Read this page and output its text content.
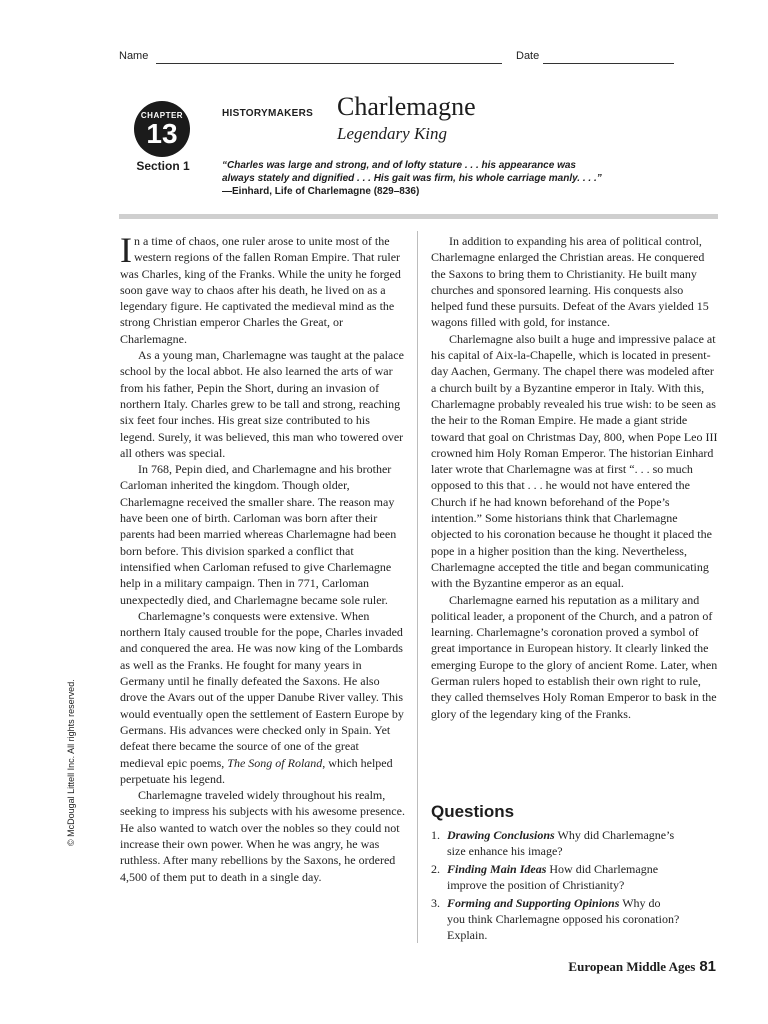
Name	Date
CHAPTER
13
Section 1
HISTORYMAKERS Charlemagne
Legendary King
“Charles was large and strong, and of lofty stature . . . his appearance was
always stately and dignified . . . His gait was firm, his whole carriage manly. . . .”
—Einhard, Life of Charlemagne (829–836)

In a time of chaos, one ruler arose to unite most of the western regions of the fallen Roman Empire. That ruler was Charles, king of the Franks. While the unity he forged soon gave way to chaos after his death, he lived on as a legendary figure. He captivated the medieval mind as the strong Christian emperor Charles the Great, or Charlemagne.

As a young man, Charlemagne was taught at the palace school by the local abbot. He also learned the arts of war from his father, Pepin the Short, during an invasion of northern Italy. Charles grew to be tall and strong, reaching six feet four inches. His great size contributed to his legend. Surely, it was believed, this man who towered over all others was special.

In 768, Pepin died, and Charlemagne and his brother Carloman inherited the kingdom. Though older, Charlemagne received the smaller share. The reason may have been one of birth. Carloman was born after their parents had been married whereas Charlemagne had been born before. This division sparked a conflict that intensified when Carloman refused to give Charlemagne help in a military campaign. Then in 771, Carloman unexpectedly died, and Charlemagne became sole ruler.

Charlemagne’s conquests were extensive. When northern Italy caused trouble for the pope, Charles invaded and conquered the area. He was now king of the Lombards as well as the Franks. He fought for many years in Germany until he finally defeated the Saxons. He also drove the Avars out of the upper Danube River valley. This would eventually open the settlement of Eastern Europe by Germans. His advances were checked only in Spain. Yet defeat there became the source of one of the great medieval epic poems, The Song of Roland, which helped perpetuate his legend.

Charlemagne traveled widely throughout his realm, seeking to impress his subjects with his awesome presence. He also wanted to watch over the nobles so they could not increase their own power. When he was angry, he was ruthless. After many rebellions by the Saxons, he ordered 4,500 of them put to death in a single day.

In addition to expanding his area of political control, Charlemagne enlarged the Christian areas. He conquered the Saxons to bring them to Christianity. He built many churches and sponsored learning. His conquests also helped fund these pursuits. Defeat of the Avars yielded 15 wagons filled with gold, for instance.

Charlemagne also built a huge and impressive palace at his capital of Aix-la-Chapelle, which is located in present-day Aachen, Germany. The chapel there was modeled after a church built by a Byzantine emperor in Italy. With this, Charlemagne probably revealed his true wish: to be seen as the heir to the Roman Empire. He made a giant stride toward that goal on Christmas Day, 800, when Pope Leo III crowned him Holy Roman Emperor. The historian Einhard later wrote that Charlemagne was at first “. . . so much opposed to this that . . . he would not have entered the Church if he had known beforehand of the Pope’s intention.” Some historians think that Charlemagne objected to his coronation because he thought it placed the pope in a higher position than the king. Nevertheless, Charlemagne accepted the title and began communicating with the Byzantine emperor as an equal.

Charlemagne earned his reputation as a military and political leader, a proponent of the Church, and a patron of learning. Charlemagne’s coronation proved a symbol of great importance in European history. It clearly linked the emerging Europe to the glory of ancient Rome. Later, when German rulers hoped to establish their own right to rule, they called themselves Holy Roman Emperor to bask in the glory of the legendary king of the Franks.

Questions
1. Drawing Conclusions Why did Charlemagne’s
size enhance his image?
2. Finding Main Ideas How did Charlemagne
improve the position of Christianity?
3. Forming and Supporting Opinions Why do
you think Charlemagne opposed his coronation? Explain.
© McDougal Littell Inc. All rights reserved.
European Middle Ages 81
